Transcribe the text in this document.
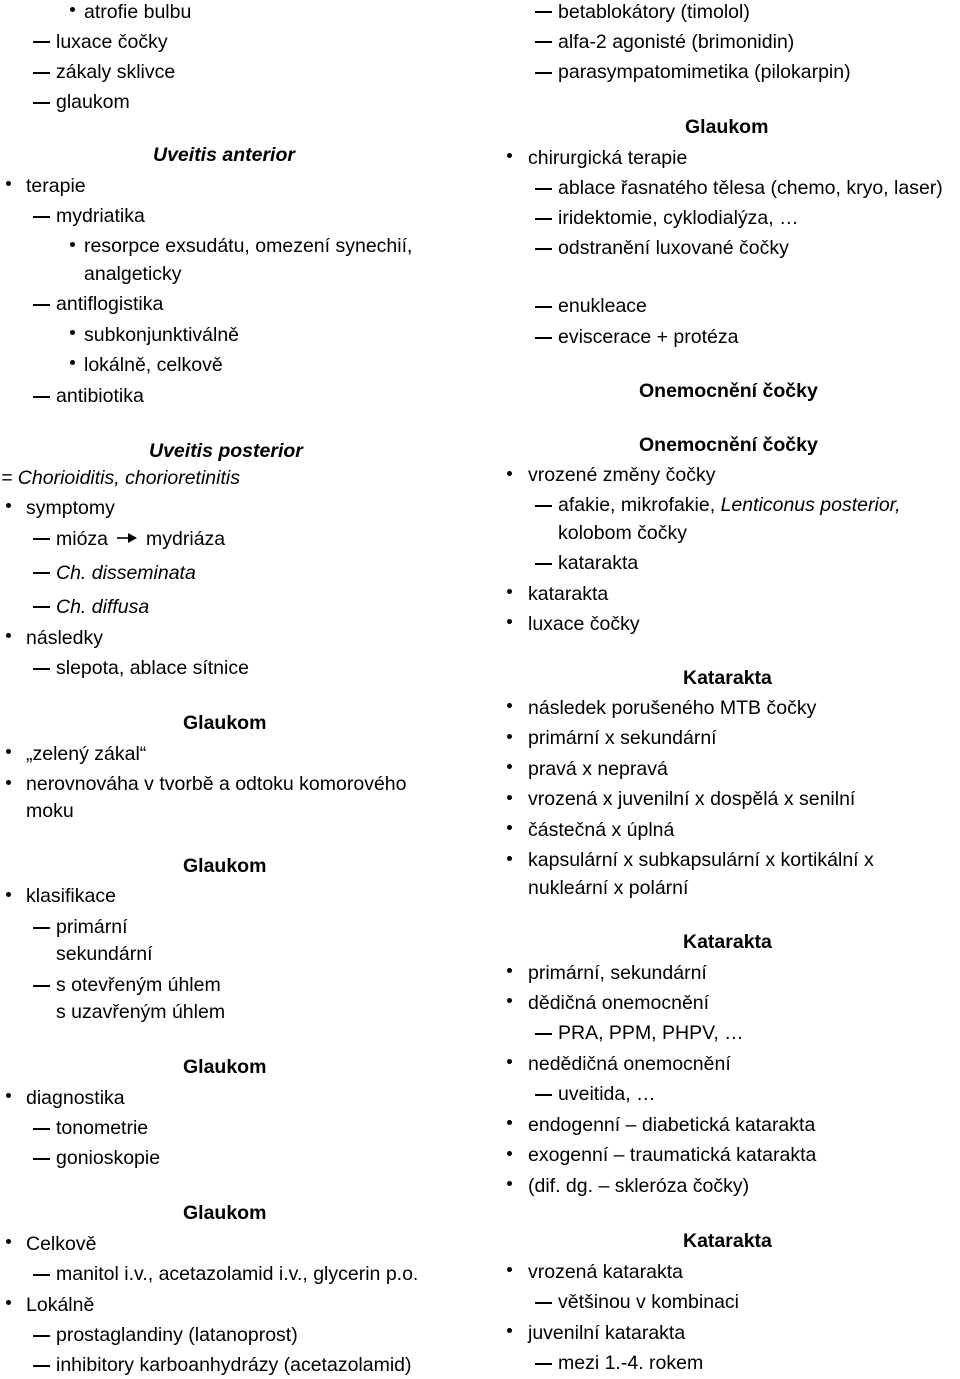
atrofie bulbu
luxace čočky
zákaly sklivce
glaukom
Uveitis anterior
terapie
mydriatika
resorpce exsudátu, omezení synechií,
analgeticky
antiflogistika
subkonjunktiválně
lokálně, celkově
antibiotika
Uveitis posterior
= Chorioiditis, chorioretinitis
symptomy
mióza mydriáza
Ch. disseminata
Ch. diffusa
následky
slepota, ablace sítnice
Glaukom
„zelený zákal“
nerovnováha v tvorbě a odtoku komorového
moku
Glaukom
klasifikace
primární
sekundární
s otevřeným úhlem
s uzavřeným úhlem
Glaukom
diagnostika
tonometrie
gonioskopie
Glaukom
Celkově
manitol i.v., acetazolamid i.v., glycerin p.o.
Lokálně
prostaglandiny (latanoprost)
inhibitory karboanhydrázy (acetazolamid)
betablokátory (timolol)
alfa-2 agonisté (brimonidin)
parasympatomimetika (pilokarpin)
Glaukom
chirurgická terapie
ablace řasnatého tělesa (chemo, kryo, laser)
iridektomie, cyklodialýza, …
odstranění luxované čočky
enukleace
eviscerace + protéza
Onemocnění čočky
Onemocnění čočky
vrozené změny čočky
afakie, mikrofakie, Lenticonus posterior,
kolobom čočky
katarakta
katarakta
luxace čočky
Katarakta
následek porušeného MTB čočky
primární x sekundární
pravá x nepravá
vrozená x juvenilní x dospělá x senilní
částečná x úplná
kapsulární x subkapsulární x kortikální x
nukleární x polární
Katarakta
primární, sekundární
dědičná onemocnění
PRA, PPM, PHPV, …
nedědičná onemocnění
uveitida, …
endogenní – diabetická katarakta
exogenní – traumatická katarakta
(dif. dg. – skleróza čočky)
Katarakta
vrozená katarakta
většinou v kombinaci
juvenilní katarakta
mezi 1.-4. rokem
